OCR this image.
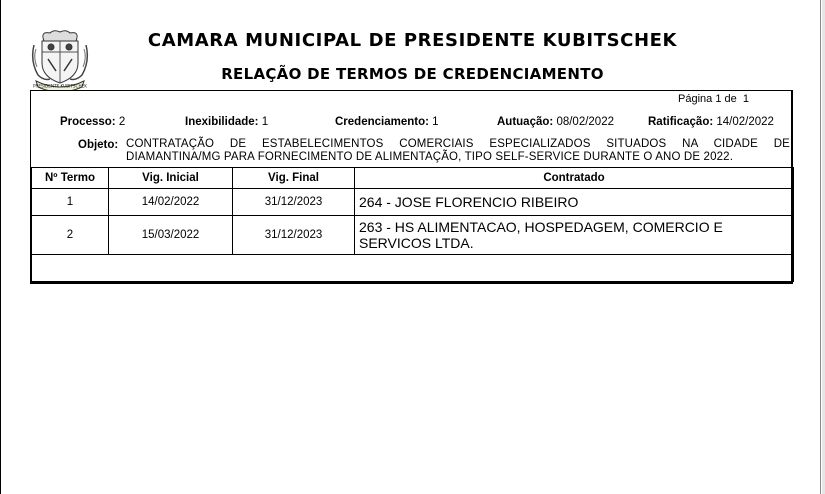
PRESIDENTE KUBITSCHEK
CAMARA MUNICIPAL DE PRESIDENTE KUBITSCHEK
RELAÇÃO DE TERMOS DE CREDENCIAMENTO
Página 1 de 1
Processo: 2	Inexibilidade: 1	Credenciamento: 1	Autuação: 08/02/2022	Ratificação: 14/02/2022
Objeto: CONTRATAÇÃO DE ESTABELECIMENTOS COMERCIAIS ESPECIALIZADOS SITUADOS NA CIDADE DE
DIAMANTINA/MG PARA FORNECIMENTO DE ALIMENTAÇÃO, TIPO SELF-SERVICE DURANTE O ANO DE 2022.
Nº Termo	Vig. Inicial	Vig. Final	Contratado
1	14/02/2022	31/12/2023	264 - JOSE FLORENCIO RIBEIRO
2	15/03/2022	31/12/2023	263 - HS ALIMENTACAO, HOSPEDAGEM, COMERCIO E SERVICOS LTDA.
